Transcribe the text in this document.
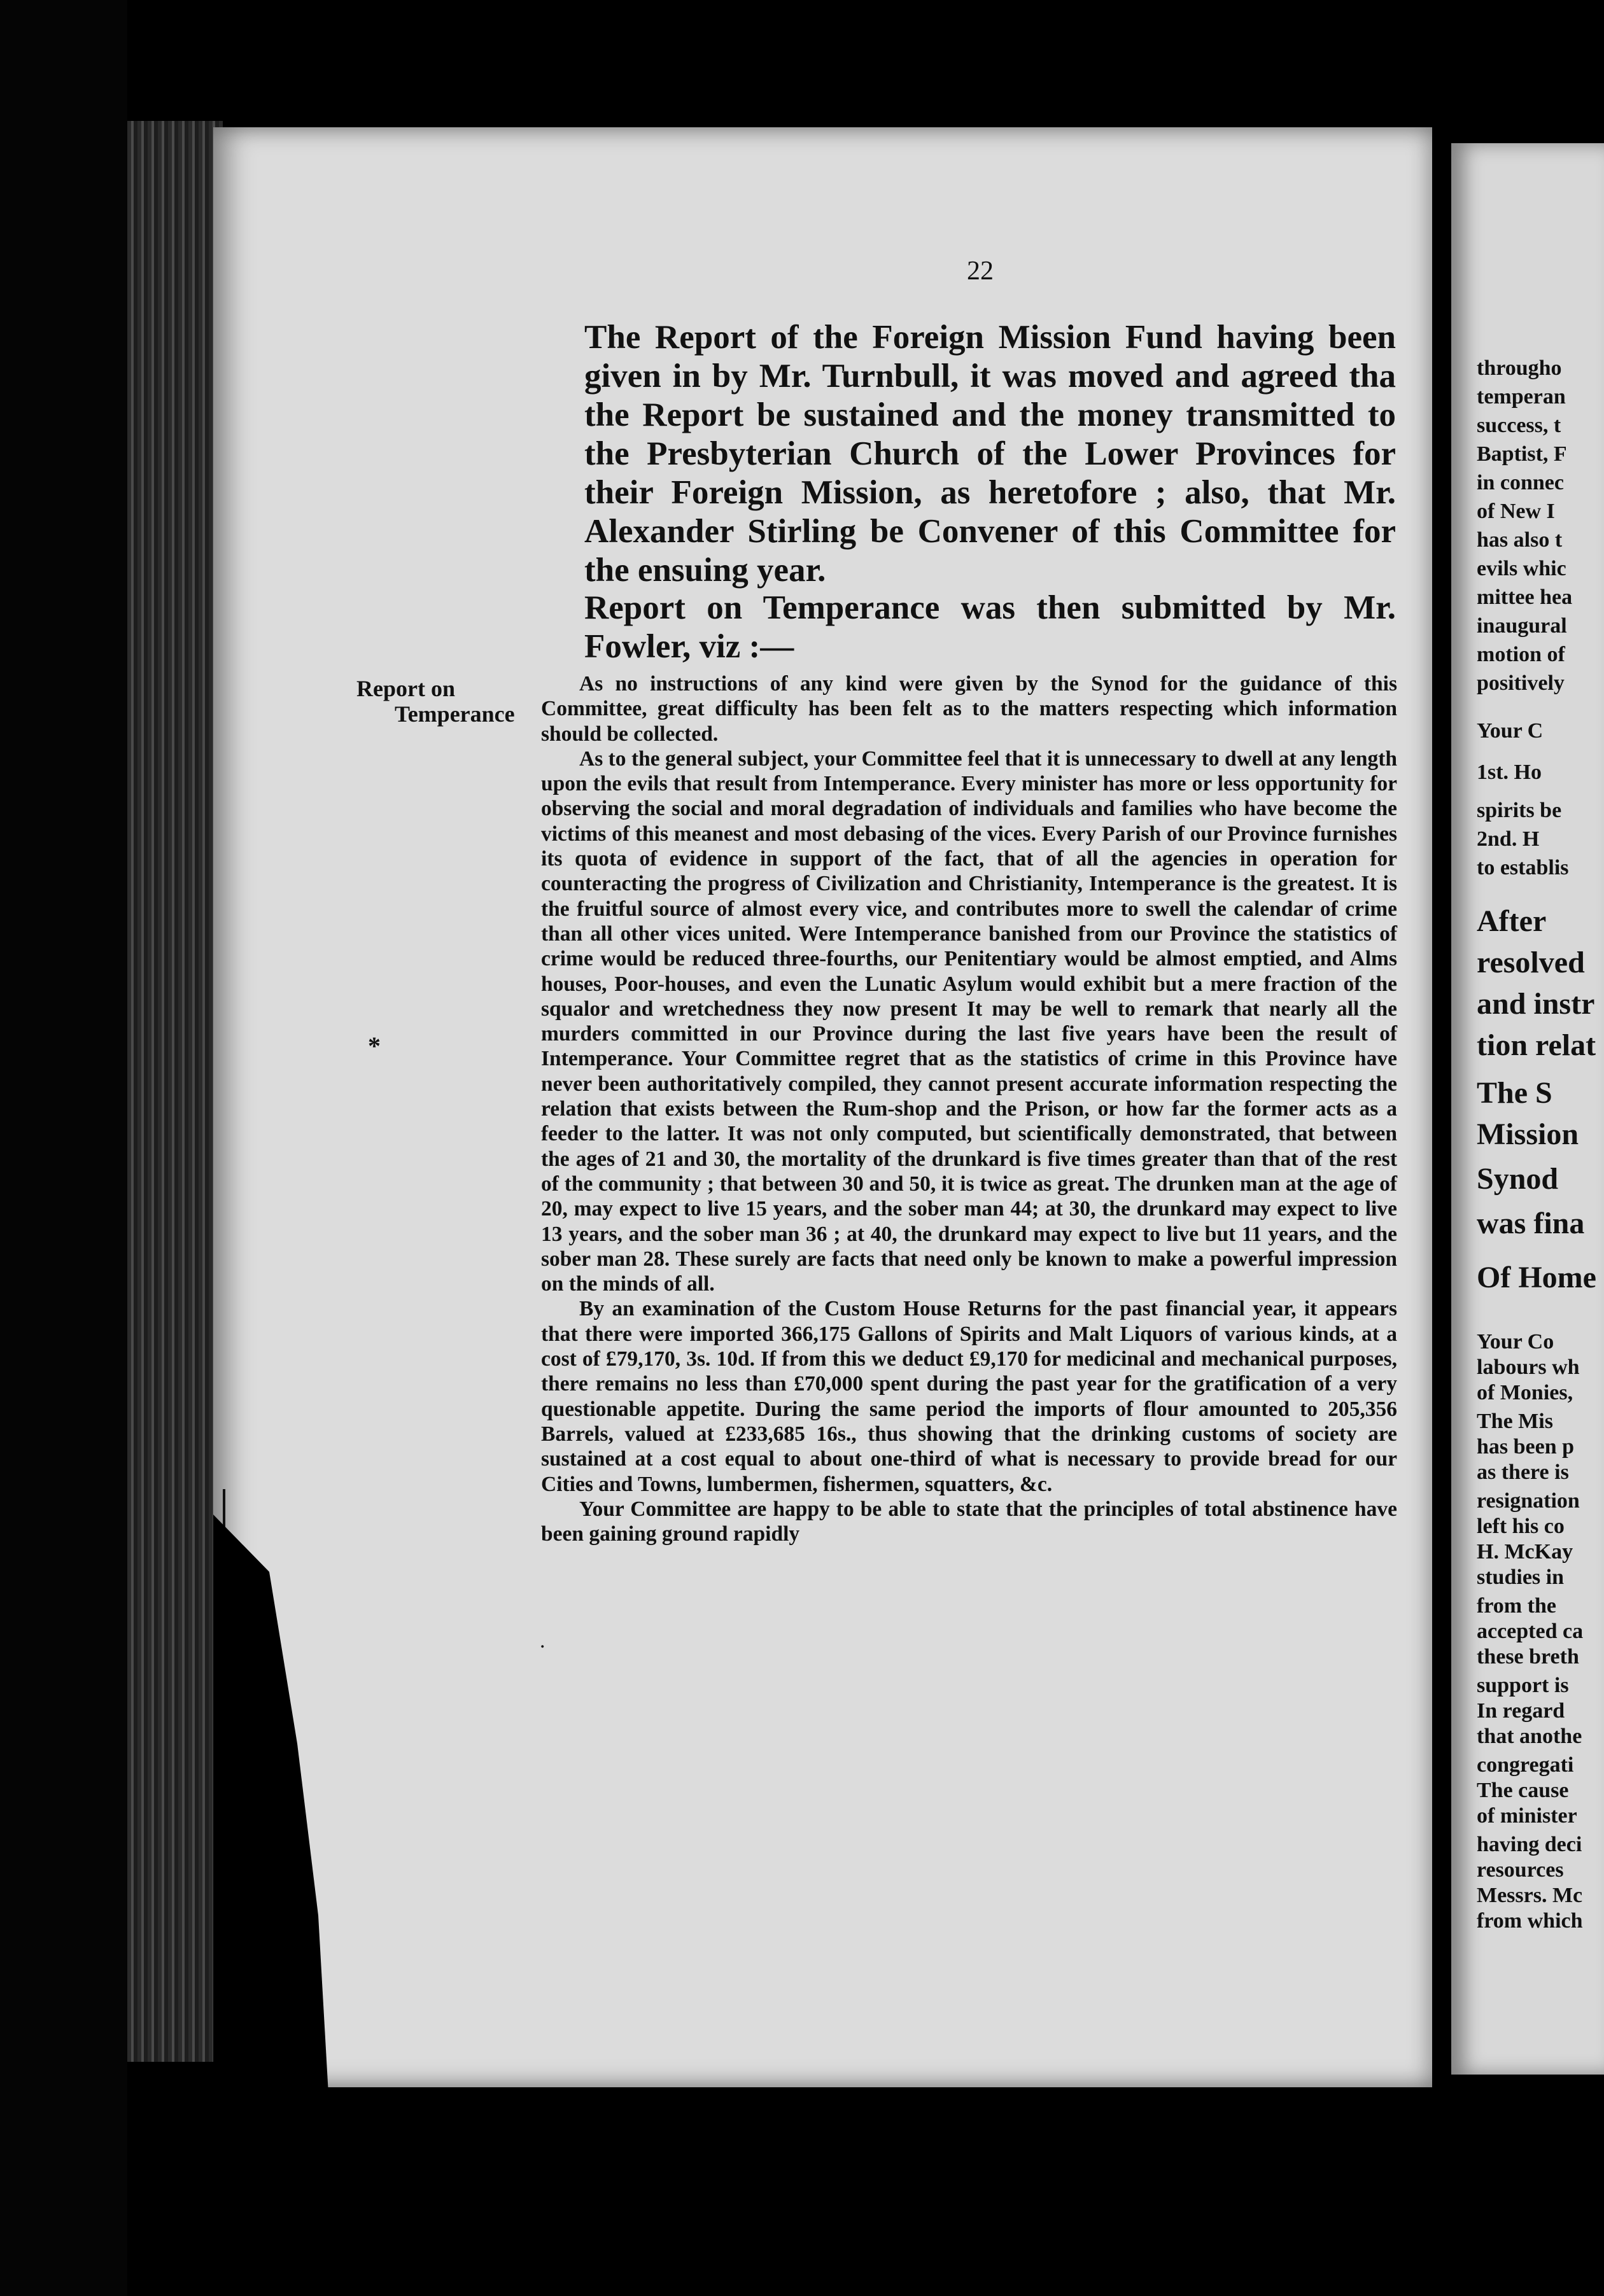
22

The Report of the Foreign Mission Fund having been given in by Mr. Turnbull, it was moved and agreed tha the Report be sustained and the money transmitted to the Presbyterian Church of the Lower Provinces for their Foreign Mission, as heretofore ; also, that Mr. Alexander Stirling be Convener of this Committee for the ensuing year.

Report on Temperance was then submitted by Mr. Fowler, viz :—

Report on
Temperance

As no instructions of any kind were given by the Synod for the guidance of this Committee, great difficulty has been felt as to the matters respecting which information should be collected.

As to the general subject, your Committee feel that it is unnecessary to dwell at any length upon the evils that result from Intemperance. Every minister has more or less opportunity for observing the social and moral degradation of individuals and families who have become the victims of this meanest and most debasing of the vices. Every Parish of our Province furnishes its quota of evidence in support of the fact, that of all the agencies in operation for counteracting the progress of Civilization and Christianity, Intemperance is the greatest. It is the fruitful source of almost every vice, and contributes more to swell the calendar of crime than all other vices united. Were Intemperance banished from our Province the statistics of crime would be reduced three-fourths, our Penitentiary would be almost emptied, and Alms houses, Poor-houses, and even the Lunatic Asylum would exhibit but a mere fraction of the squalor and wretchedness they now present It may be well to remark that nearly all the murders committed in our Province during the last five years have been the result of Intemperance. Your Committee regret that as the statistics of crime in this Province have never been authoritatively compiled, they cannot present accurate information respecting the relation that exists between the Rum-shop and the Prison, or how far the former acts as a feeder to the latter. It was not only computed, but scientifically demonstrated, that between the ages of 21 and 30, the mortality of the drunkard is five times greater than that of the rest of the community ; that between 30 and 50, it is twice as great. The drunken man at the age of 20, may expect to live 15 years, and the sober man 44; at 30, the drunkard may expect to live 13 years, and the sober man 36 ; at 40, the drunkard may expect to live but 11 years, and the sober man 28. These surely are facts that need only be known to make a powerful impression on the minds of all.

By an examination of the Custom House Returns for the past financial year, it appears that there were imported 366,175 Gallons of Spirits and Malt Liquors of various kinds, at a cost of £79,170, 3s. 10d. If from this we deduct £9,170 for medicinal and mechanical purposes, there remains no less than £70,000 spent during the past year for the gratification of a very questionable appetite. During the same period the imports of flour amounted to 205,356 Barrels, valued at £233,685 16s., thus showing that the drinking customs of society are sustained at a cost equal to about one-third of what is necessary to provide bread for our Cities and Towns, lumbermen, fishermen, squatters, &c.

Your Committee are happy to be able to state that the principles of total abstinence have been gaining ground rapidly

*
.
througho
temperan
success, t
Baptist, F
in connec
of New I
has also t
evils whic
mittee hea
inaugural
motion of
positively
Your C
1st. Ho
spirits be
2nd. H
to establis
After
resolved
and instr
tion relat
The S
Mission
Synod
was fina
Of Home
Your Co
labours wh
of Monies,
The Mis
has been p
as there is
resignation
left his co
H. McKay
studies in
from the
accepted ca
these breth
support is
In regard
that anothe
congregati
The cause
of minister
having deci
resources
Messrs. Mc
from which
